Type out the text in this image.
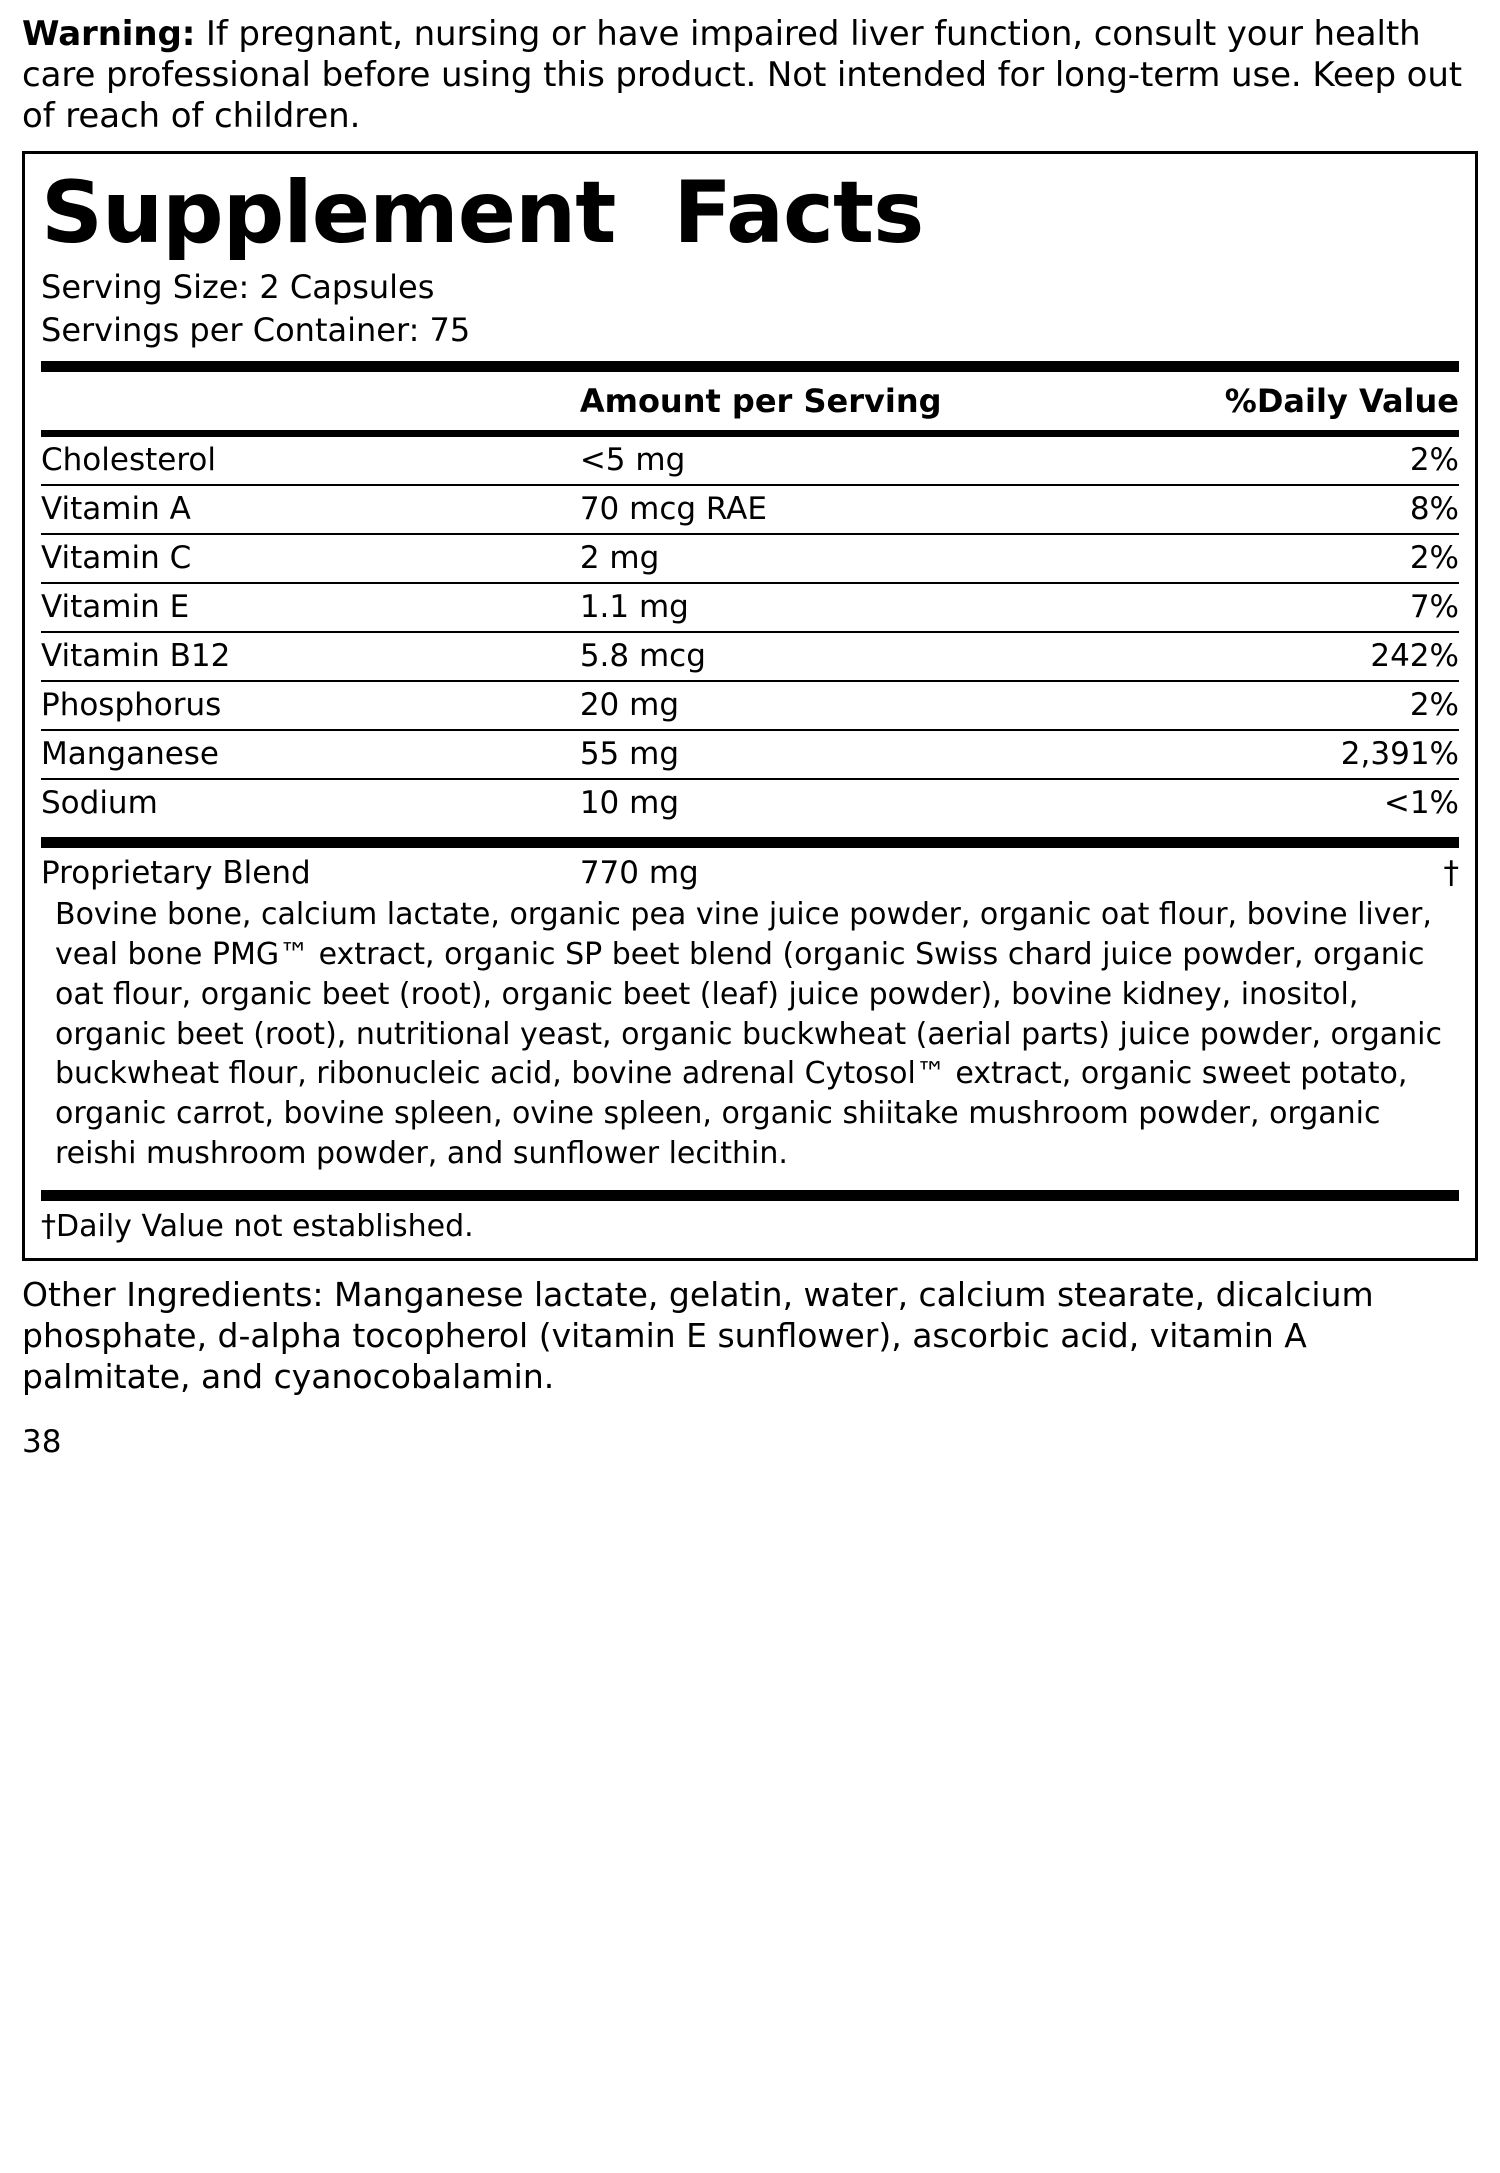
Warning: If pregnant, nursing or have impaired liver function, consult your health care professional before using this product. Not intended for long-term use. Keep out of reach of children.

Supplement  Facts
Serving Size: 2 Capsules
Servings per Container: 75
	Amount per Serving	%Daily Value
Cholesterol	<5 mg	2%
Vitamin A	70 mcg RAE	8%
Vitamin C	2 mg	2%
Vitamin E	1.1 mg	7%
Vitamin B12	5.8 mcg	242%
Phosphorus	20 mg	2%
Manganese	55 mg	2,391%
Sodium	10 mg	<1%
Proprietary Blend	770 mg	†

Bovine bone, calcium lactate, organic pea vine juice powder, organic oat flour, bovine liver, veal bone PMG™ extract, organic SP beet blend (organic Swiss chard juice powder, organic oat flour, organic beet (root), organic beet (leaf) juice powder), bovine kidney, inositol, organic beet (root), nutritional yeast, organic buckwheat (aerial parts) juice powder, organic buckwheat flour, ribonucleic acid, bovine adrenal Cytosol™ extract, organic sweet potato, organic carrot, bovine spleen, ovine spleen, organic shiitake mushroom powder, organic reishi mushroom powder, and sunflower lecithin.

†Daily Value not established.

Other Ingredients: Manganese lactate, gelatin, water, calcium stearate, dicalcium phosphate, d-alpha tocopherol (vitamin E sunflower), ascorbic acid, vitamin A palmitate, and cyanocobalamin.

38
